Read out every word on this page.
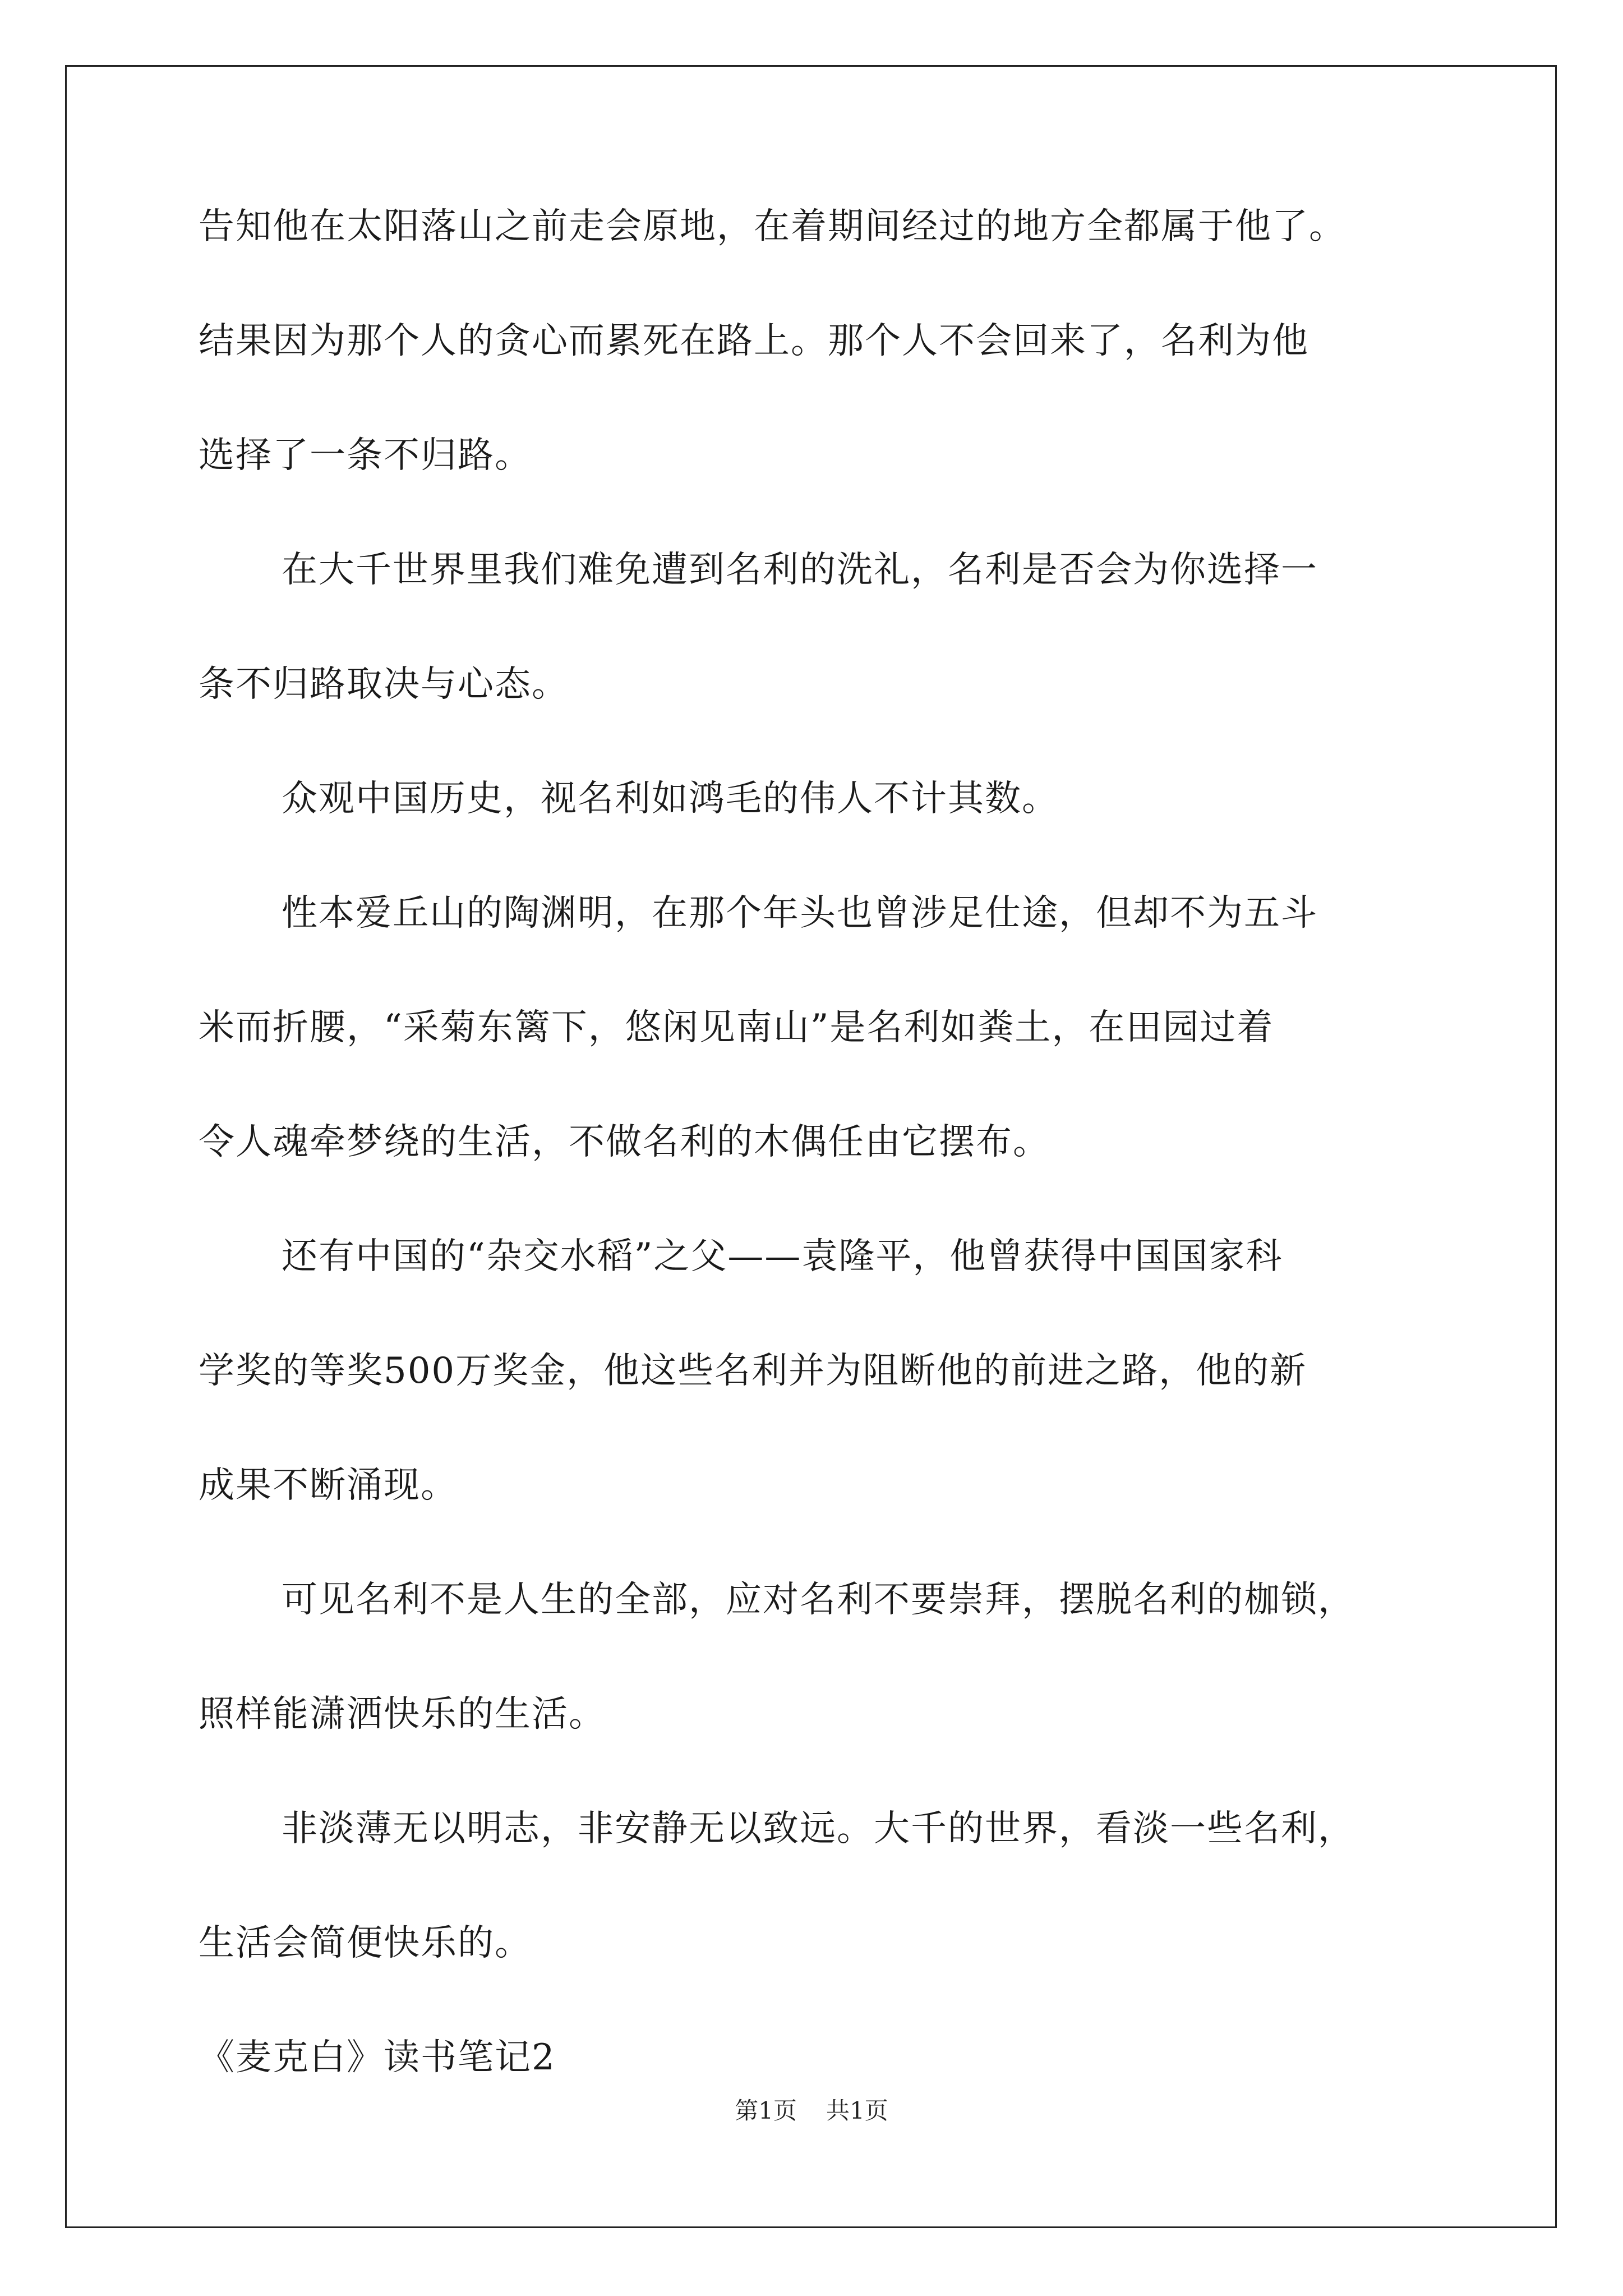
告知他在太阳落山之前走会原地，在着期间经过的地方全都属于他了。
结果因为那个人的贪心而累死在路上。那个人不会回来了，名利为他
选择了一条不归路。
在大千世界里我们难免遭到名利的洗礼，名利是否会为你选择一
条不归路取决与心态。
众观中国历史，视名利如鸿毛的伟人不计其数。
性本爱丘山的陶渊明，在那个年头也曾涉足仕途，但却不为五斗
米而折腰，“采菊东篱下，悠闲见南山”是名利如粪土，在田园过着
令人魂牵梦绕的生活，不做名利的木偶任由它摆布。
还有中国的“杂交水稻”之父——袁隆平，他曾获得中国国家科
学奖的等奖500万奖金，他这些名利并为阻断他的前进之路，他的新
成果不断涌现。
可见名利不是人生的全部，应对名利不要崇拜，摆脱名利的枷锁，
照样能潇洒快乐的生活。
非淡薄无以明志，非安静无以致远。大千的世界，看淡一些名利，
生活会简便快乐的。
《麦克白》读书笔记2
第1页 共1页
